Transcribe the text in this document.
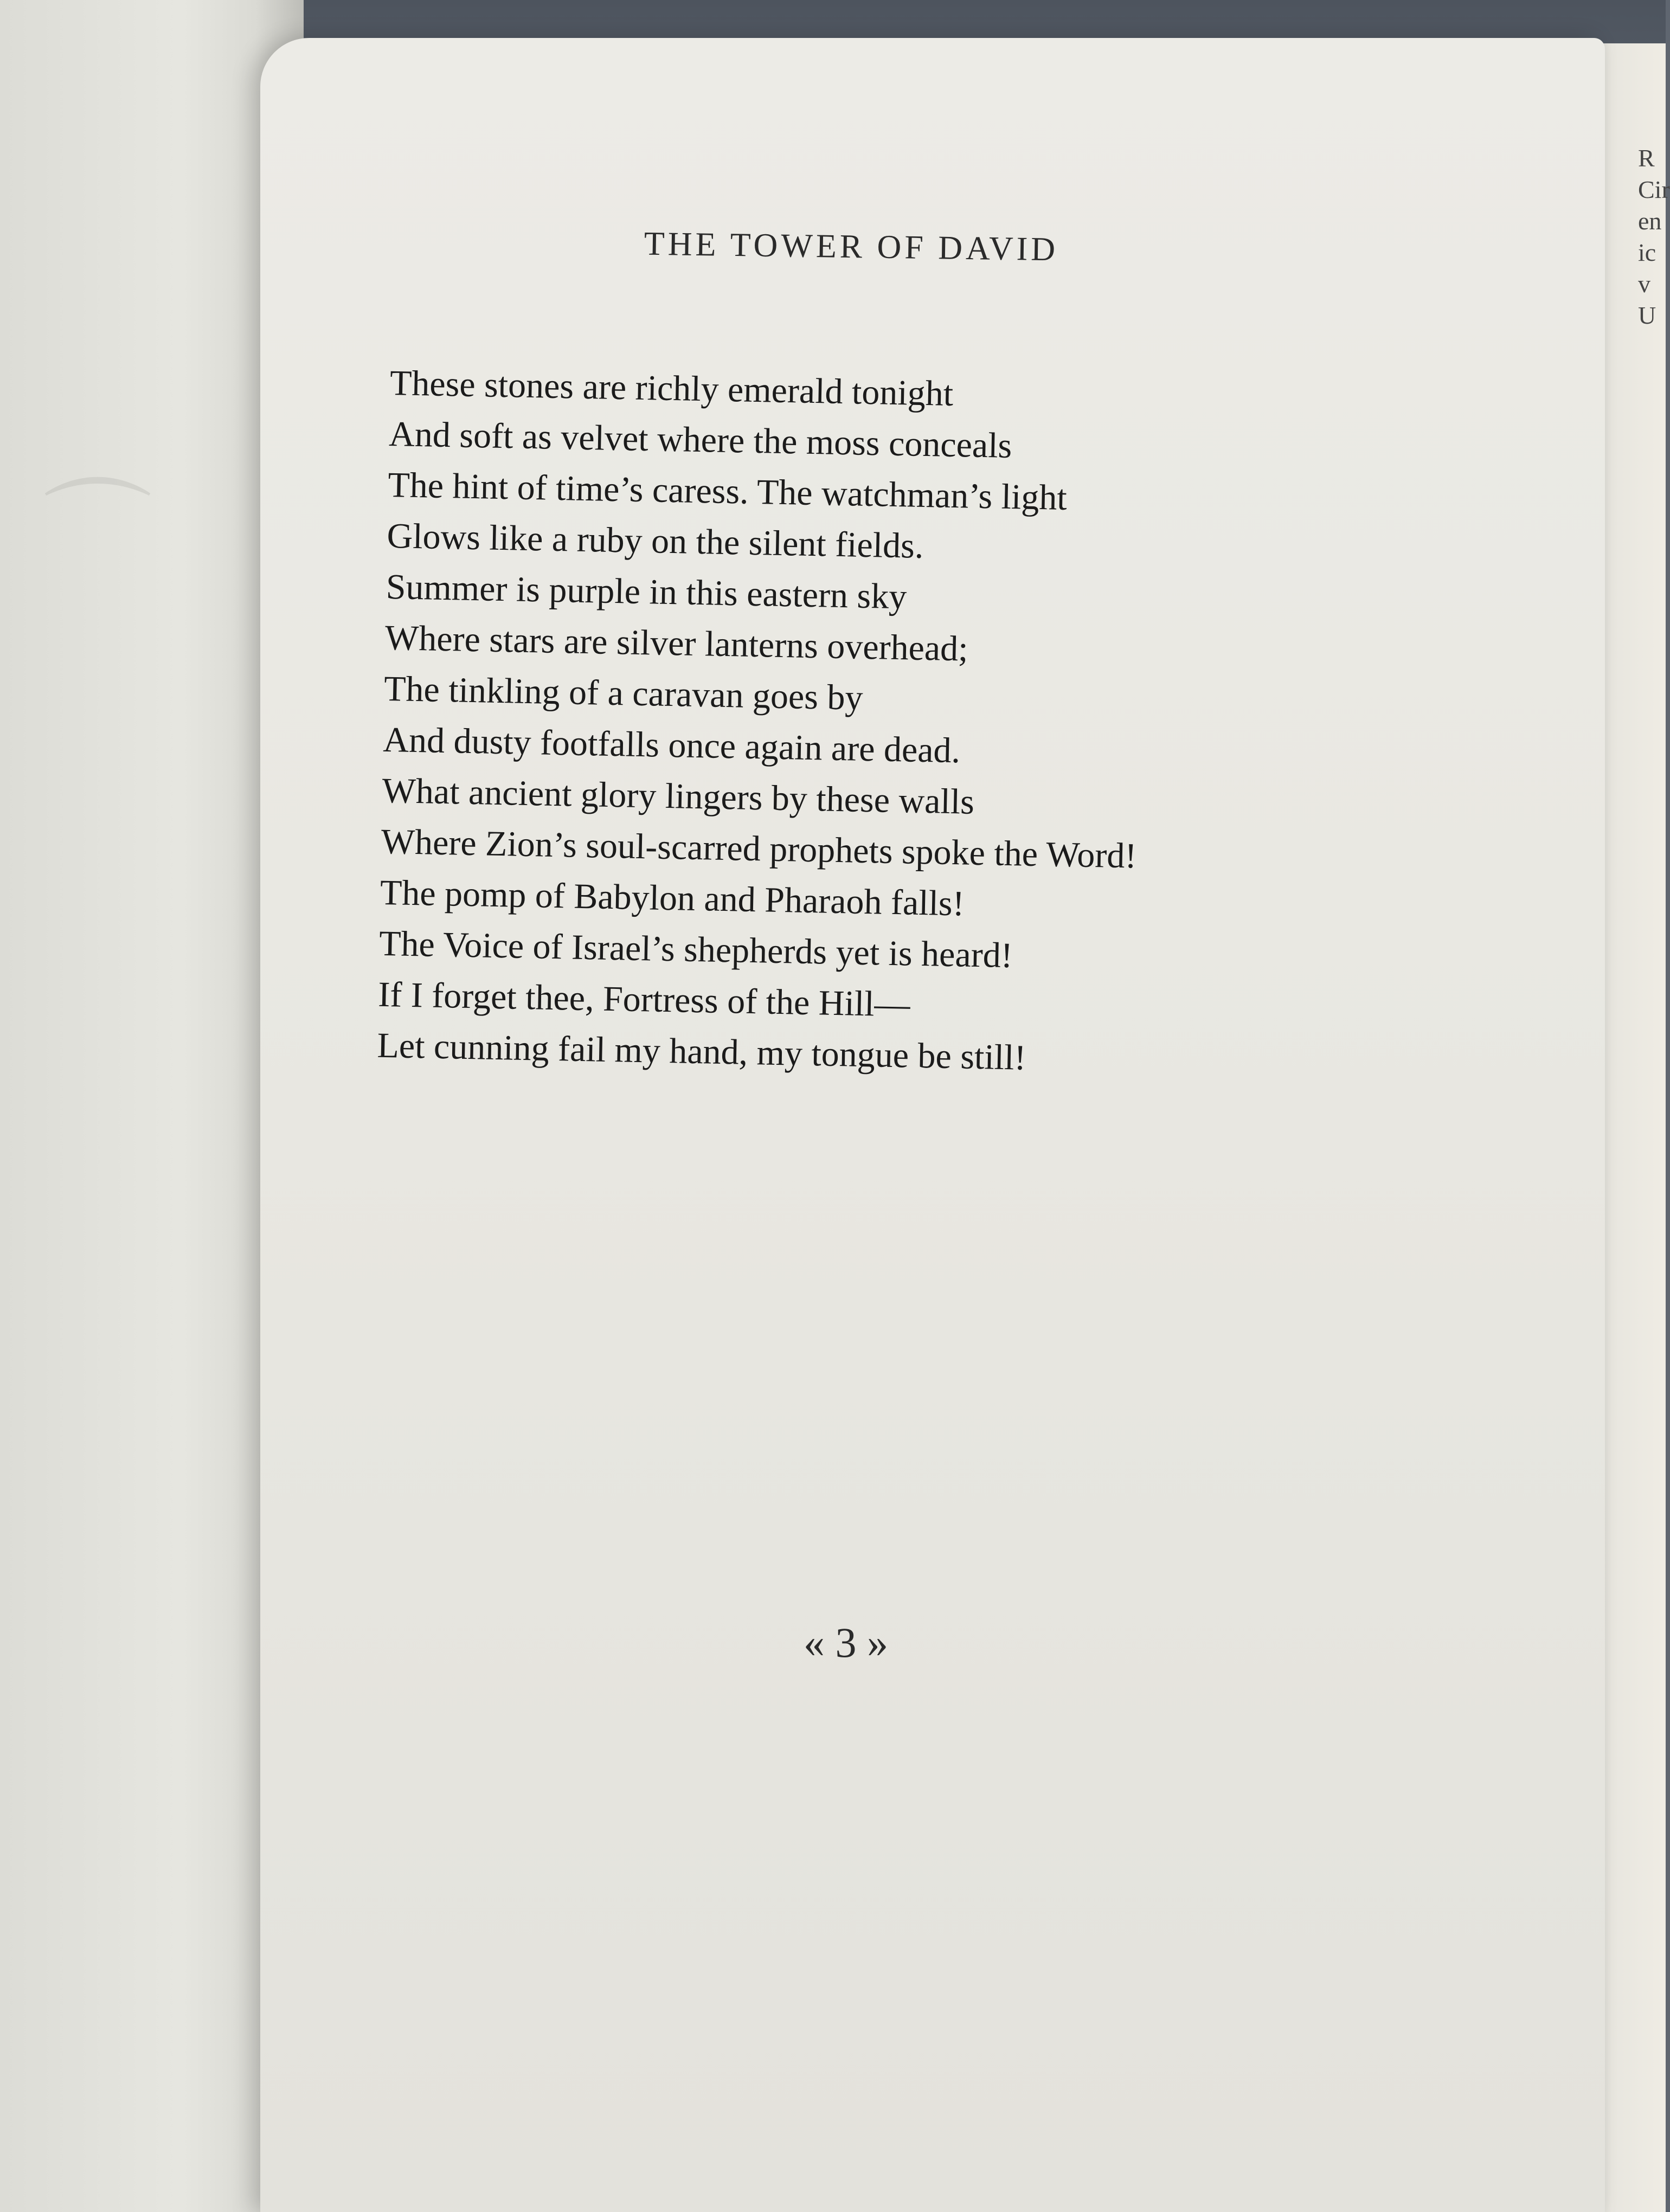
⌒

R
Cir
en
ic
v
U

THE TOWER OF DAVID
These stones are richly emerald tonight
And soft as velvet where the moss conceals
The hint of time’s caress. The watchman’s light
Glows like a ruby on the silent fields.
Summer is purple in this eastern sky
Where stars are silver lanterns overhead;
The tinkling of a caravan goes by
And dusty footfalls once again are dead.
What ancient glory lingers by these walls
Where Zion’s soul-scarred prophets spoke the Word!
The pomp of Babylon and Pharaoh falls!
The Voice of Israel’s shepherds yet is heard!
If I forget thee, Fortress of the Hill—
Let cunning fail my hand, my tongue be still!
« 3 »
